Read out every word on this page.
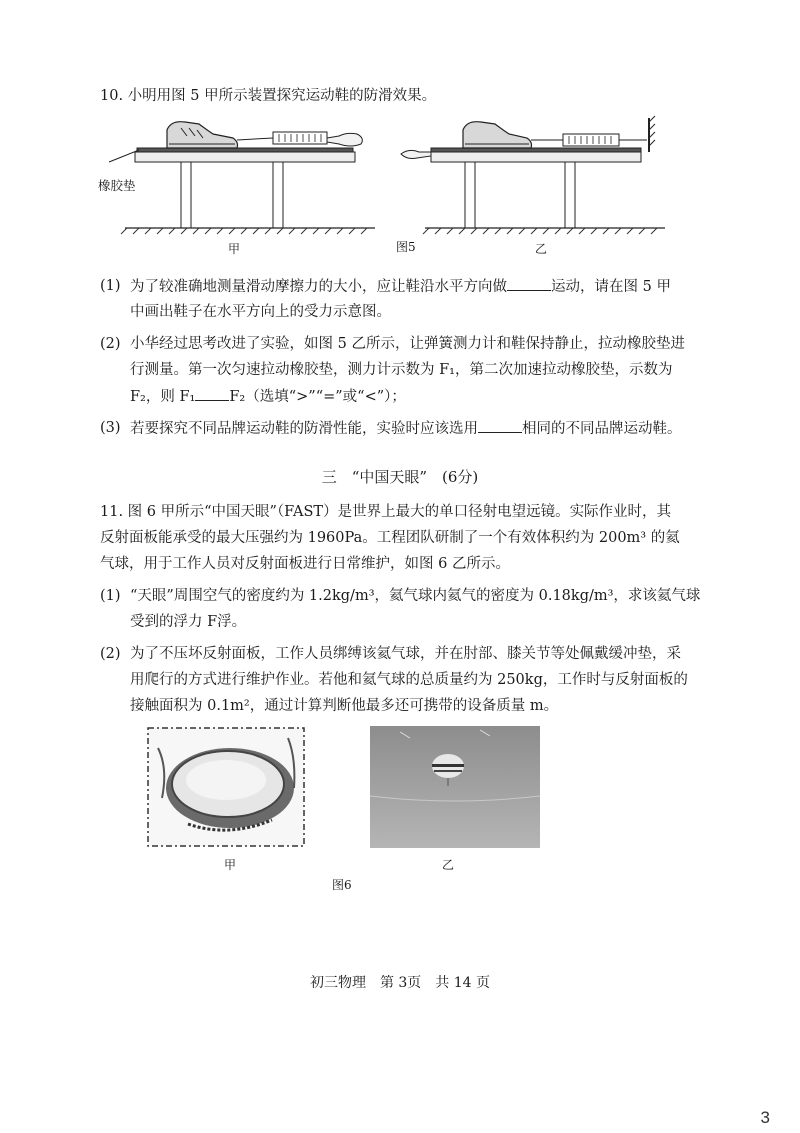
10. 小明用图 5 甲所示装置探究运动鞋的防滑效果。
橡胶垫
甲	图5	乙
(1) 为了较准确地测量滑动摩擦力的大小，应让鞋沿水平方向做	运动，请在图 5 甲
中画出鞋子在水平方向上的受力示意图。
(2) 小华经过思考改进了实验，如图 5 乙所示，让弹簧测力计和鞋保持静止，拉动橡胶垫进
行测量。第一次匀速拉动橡胶垫，测力计示数为 F₁，第二次加速拉动橡胶垫，示数为
F₂，则 F₁ F₂（选填“>”“=”或“<”）；
(3) 若要探究不同品牌运动鞋的防滑性能，实验时应该选用	相同的不同品牌运动鞋。
三　“中国天眼”　(6分)
11. 图 6 甲所示“中国天眼”（FAST）是世界上最大的单口径射电望远镜。实际作业时，其
反射面板能承受的最大压强约为 1960Pa。工程团队研制了一个有效体积约为 200m³ 的氦
气球，用于工作人员对反射面板进行日常维护，如图 6 乙所示。
(1) “天眼”周围空气的密度约为 1.2kg/m³，氦气球内氦气的密度为 0.18kg/m³，求该氦气球
受到的浮力 F浮。
(2) 为了不压坏反射面板，工作人员绑缚该氦气球，并在肘部、膝关节等处佩戴缓冲垫，采
用爬行的方式进行维护作业。若他和氦气球的总质量约为 250kg，工作时与反射面板的
接触面积为 0.1m²，通过计算判断他最多还可携带的设备质量 m。
甲	乙
图6
初三物理　第 3页　共 14 页
3
